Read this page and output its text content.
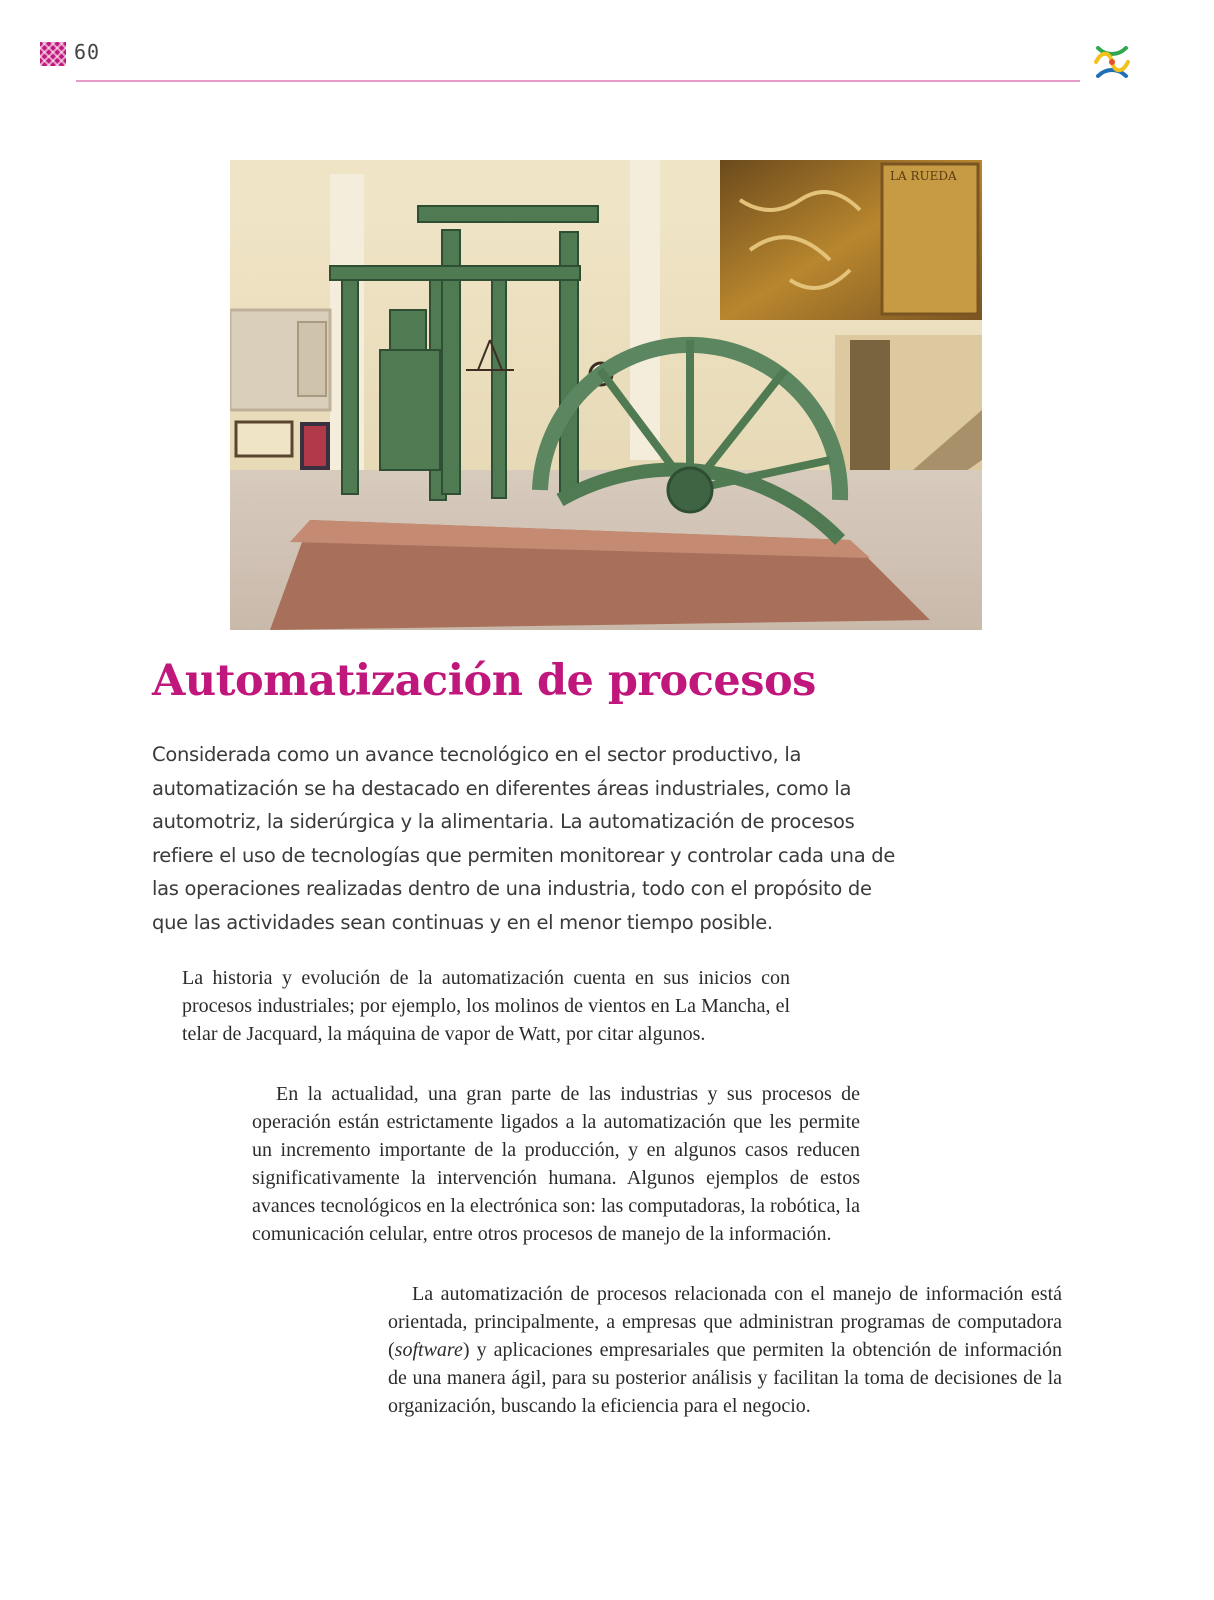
60
LA RUEDA
Automatización de procesos

Considerada como un avance tecnológico en el sector productivo, la automatización se ha destacado en diferentes áreas industriales, como la automotriz, la siderúrgica y la alimentaria. La automatización de procesos refiere el uso de tecnologías que permiten monitorear y controlar cada una de las operaciones realizadas dentro de una industria, todo con el propósito de que las actividades sean continuas y en el menor tiempo posible.

La historia y evolución de la automatización cuenta en sus inicios con procesos industriales; por ejemplo, los molinos de vientos en La Mancha, el telar de Jacquard, la máquina de vapor de Watt, por citar algunos.

En la actualidad, una gran parte de las industrias y sus procesos de operación están estrictamente ligados a la automatización que les permite un incremento importante de la producción, y en algunos casos reducen significativamente la intervención humana. Algunos ejemplos de estos avances tecnológicos en la electrónica son: las computadoras, la robótica, la comunicación celular, entre otros procesos de manejo de la información.

La automatización de procesos relacionada con el manejo de información está orientada, principalmente, a empresas que administran programas de computadora (software) y aplicaciones empresariales que permiten la obtención de información de una manera ágil, para su posterior análisis y facilitan la toma de decisiones de la organización, buscando la eficiencia para el negocio.
